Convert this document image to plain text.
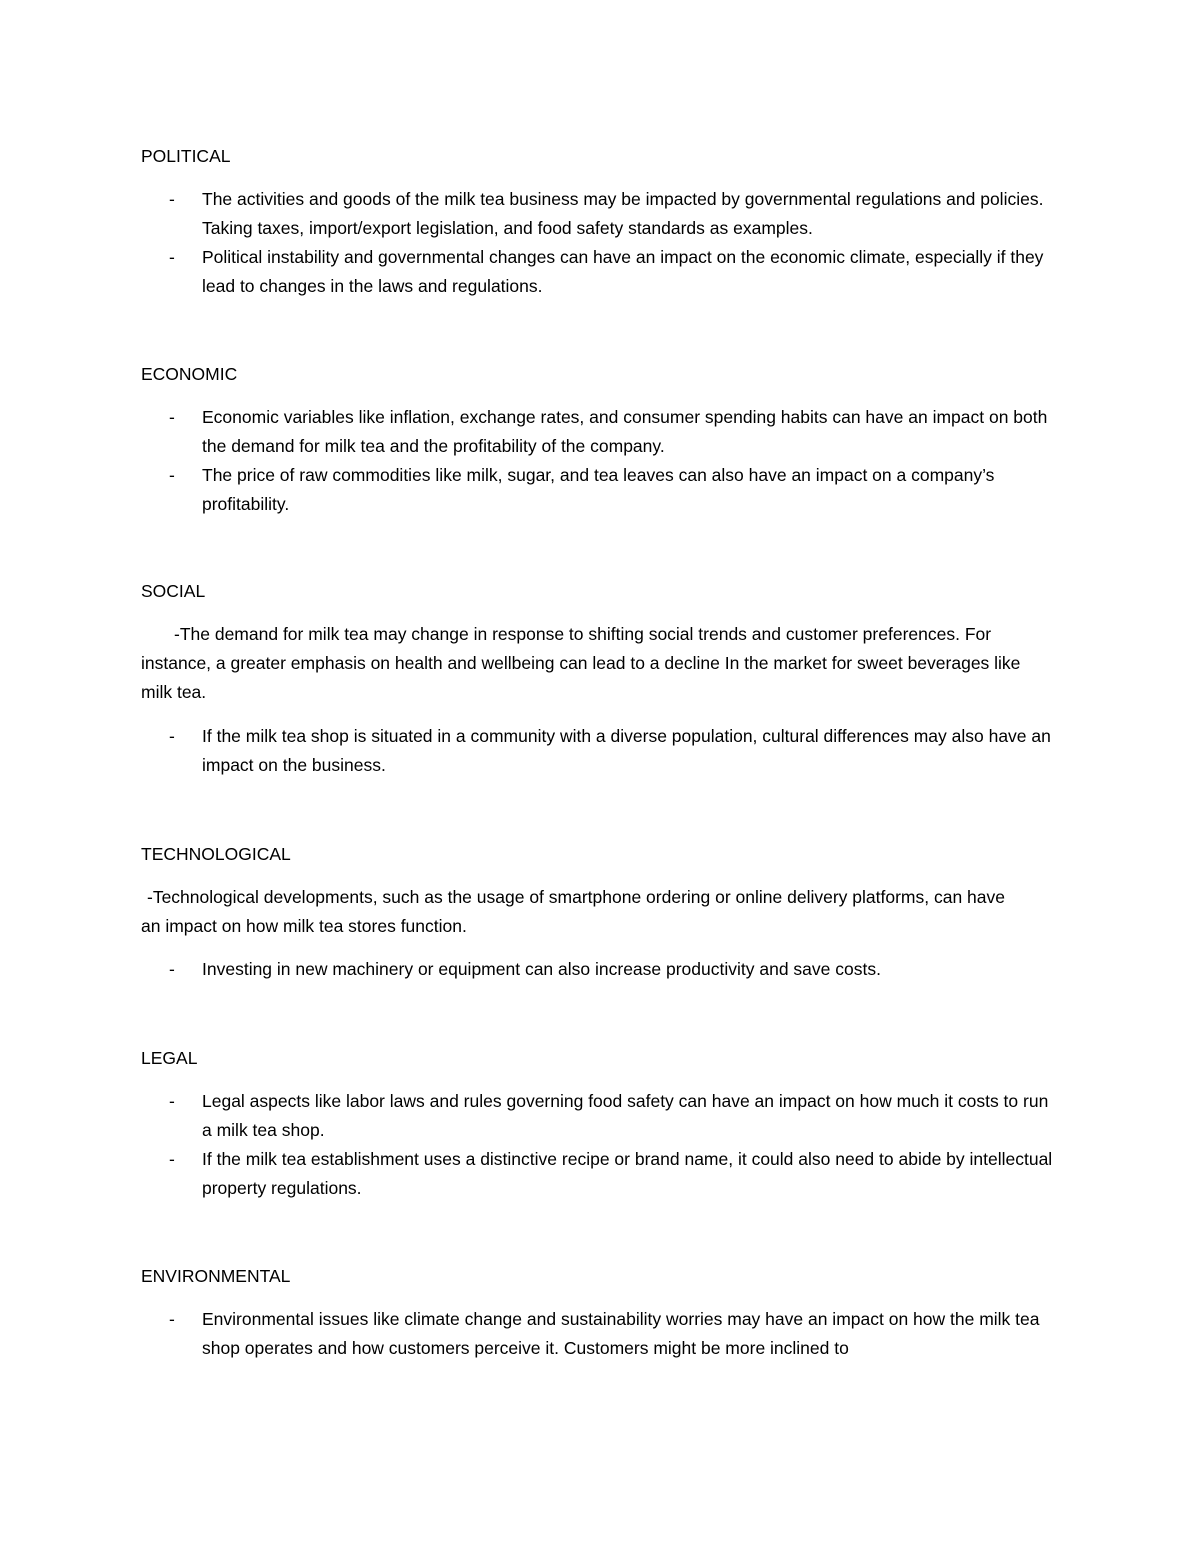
POLITICAL
- The activities and goods of the milk tea business may be impacted by governmental regulations and policies. Taking taxes, import/export legislation, and food safety standards as examples.
- Political instability and governmental changes can have an impact on the economic climate, especially if they lead to changes in the laws and regulations.
ECONOMIC
- Economic variables like inflation, exchange rates, and consumer spending habits can have an impact on both the demand for milk tea and the profitability of the company.
- The price of raw commodities like milk, sugar, and tea leaves can also have an impact on a company’s profitability.
SOCIAL
-The demand for milk tea may change in response to shifting social trends and customer preferences. For instance, a greater emphasis on health and wellbeing can lead to a decline In the market for sweet beverages like milk tea.
- If the milk tea shop is situated in a community with a diverse population, cultural differences may also have an impact on the business.
TECHNOLOGICAL
-Technological developments, such as the usage of smartphone ordering or online delivery platforms, can have an impact on how milk tea stores function.
- Investing in new machinery or equipment can also increase productivity and save costs.
LEGAL
- Legal aspects like labor laws and rules governing food safety can have an impact on how much it costs to run a milk tea shop.
- If the milk tea establishment uses a distinctive recipe or brand name, it could also need to abide by intellectual property regulations.
ENVIRONMENTAL
- Environmental issues like climate change and sustainability worries may have an impact on how the milk tea shop operates and how customers perceive it. Customers might be more inclined to
